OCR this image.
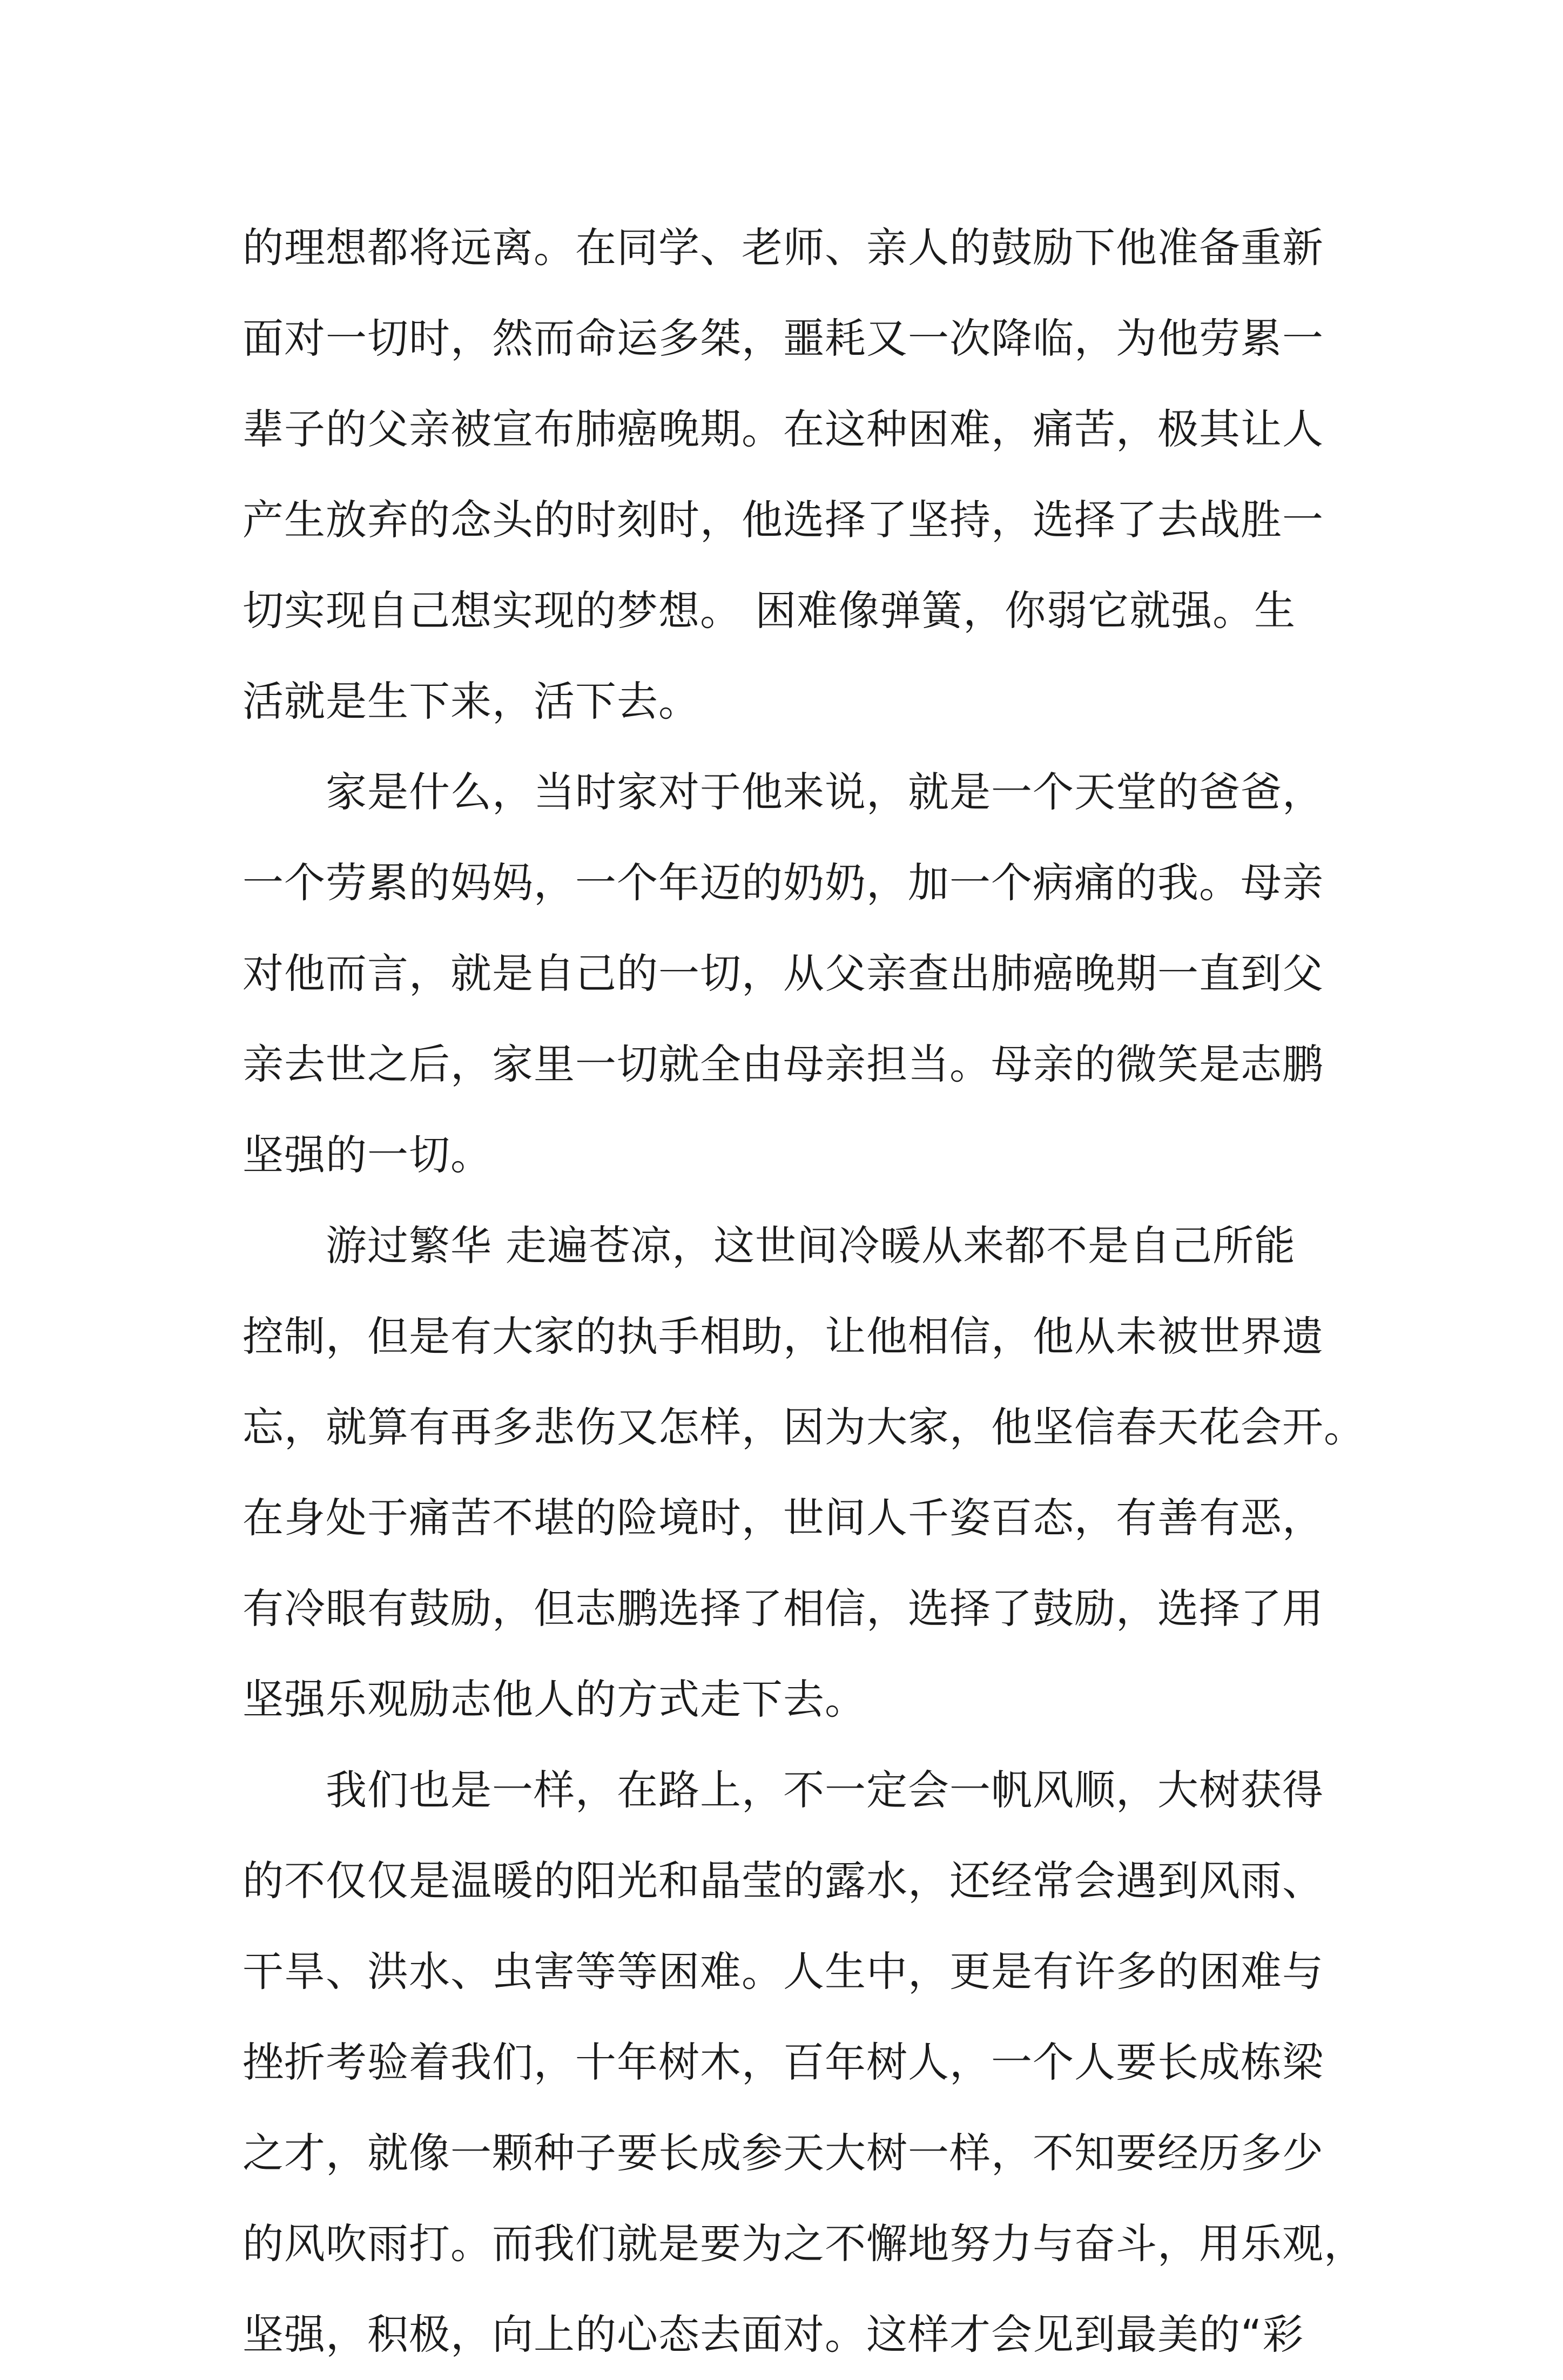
的理想都将远离。在同学、老师、亲人的鼓励下他准备重新
面对一切时，然而命运多桀，噩耗又一次降临，为他劳累一
辈子的父亲被宣布肺癌晚期。在这种困难，痛苦，极其让人
产生放弃的念头的时刻时，他选择了坚持，选择了去战胜一
切实现自己想实现的梦想。 困难像弹簧，你弱它就强。生
活就是生下来，活下去。
　　家是什么，当时家对于他来说，就是一个天堂的爸爸，
一个劳累的妈妈，一个年迈的奶奶，加一个病痛的我。母亲
对他而言，就是自己的一切，从父亲查出肺癌晚期一直到父
亲去世之后，家里一切就全由母亲担当。母亲的微笑是志鹏
坚强的一切。
　　游过繁华 走遍苍凉，这世间冷暖从来都不是自己所能
控制，但是有大家的执手相助，让他相信，他从未被世界遗
忘，就算有再多悲伤又怎样，因为大家，他坚信春天花会开。
在身处于痛苦不堪的险境时，世间人千姿百态，有善有恶，
有冷眼有鼓励，但志鹏选择了相信，选择了鼓励，选择了用
坚强乐观励志他人的方式走下去。
　　我们也是一样，在路上，不一定会一帆风顺，大树获得
的不仅仅是温暖的阳光和晶莹的露水，还经常会遇到风雨、
干旱、洪水、虫害等等困难。人生中，更是有许多的困难与
挫折考验着我们，十年树木，百年树人，一个人要长成栋梁
之才，就像一颗种子要长成参天大树一样，不知要经历多少
的风吹雨打。而我们就是要为之不懈地努力与奋斗，用乐观，
坚强，积极，向上的心态去面对。这样才会见到最美的“彩
